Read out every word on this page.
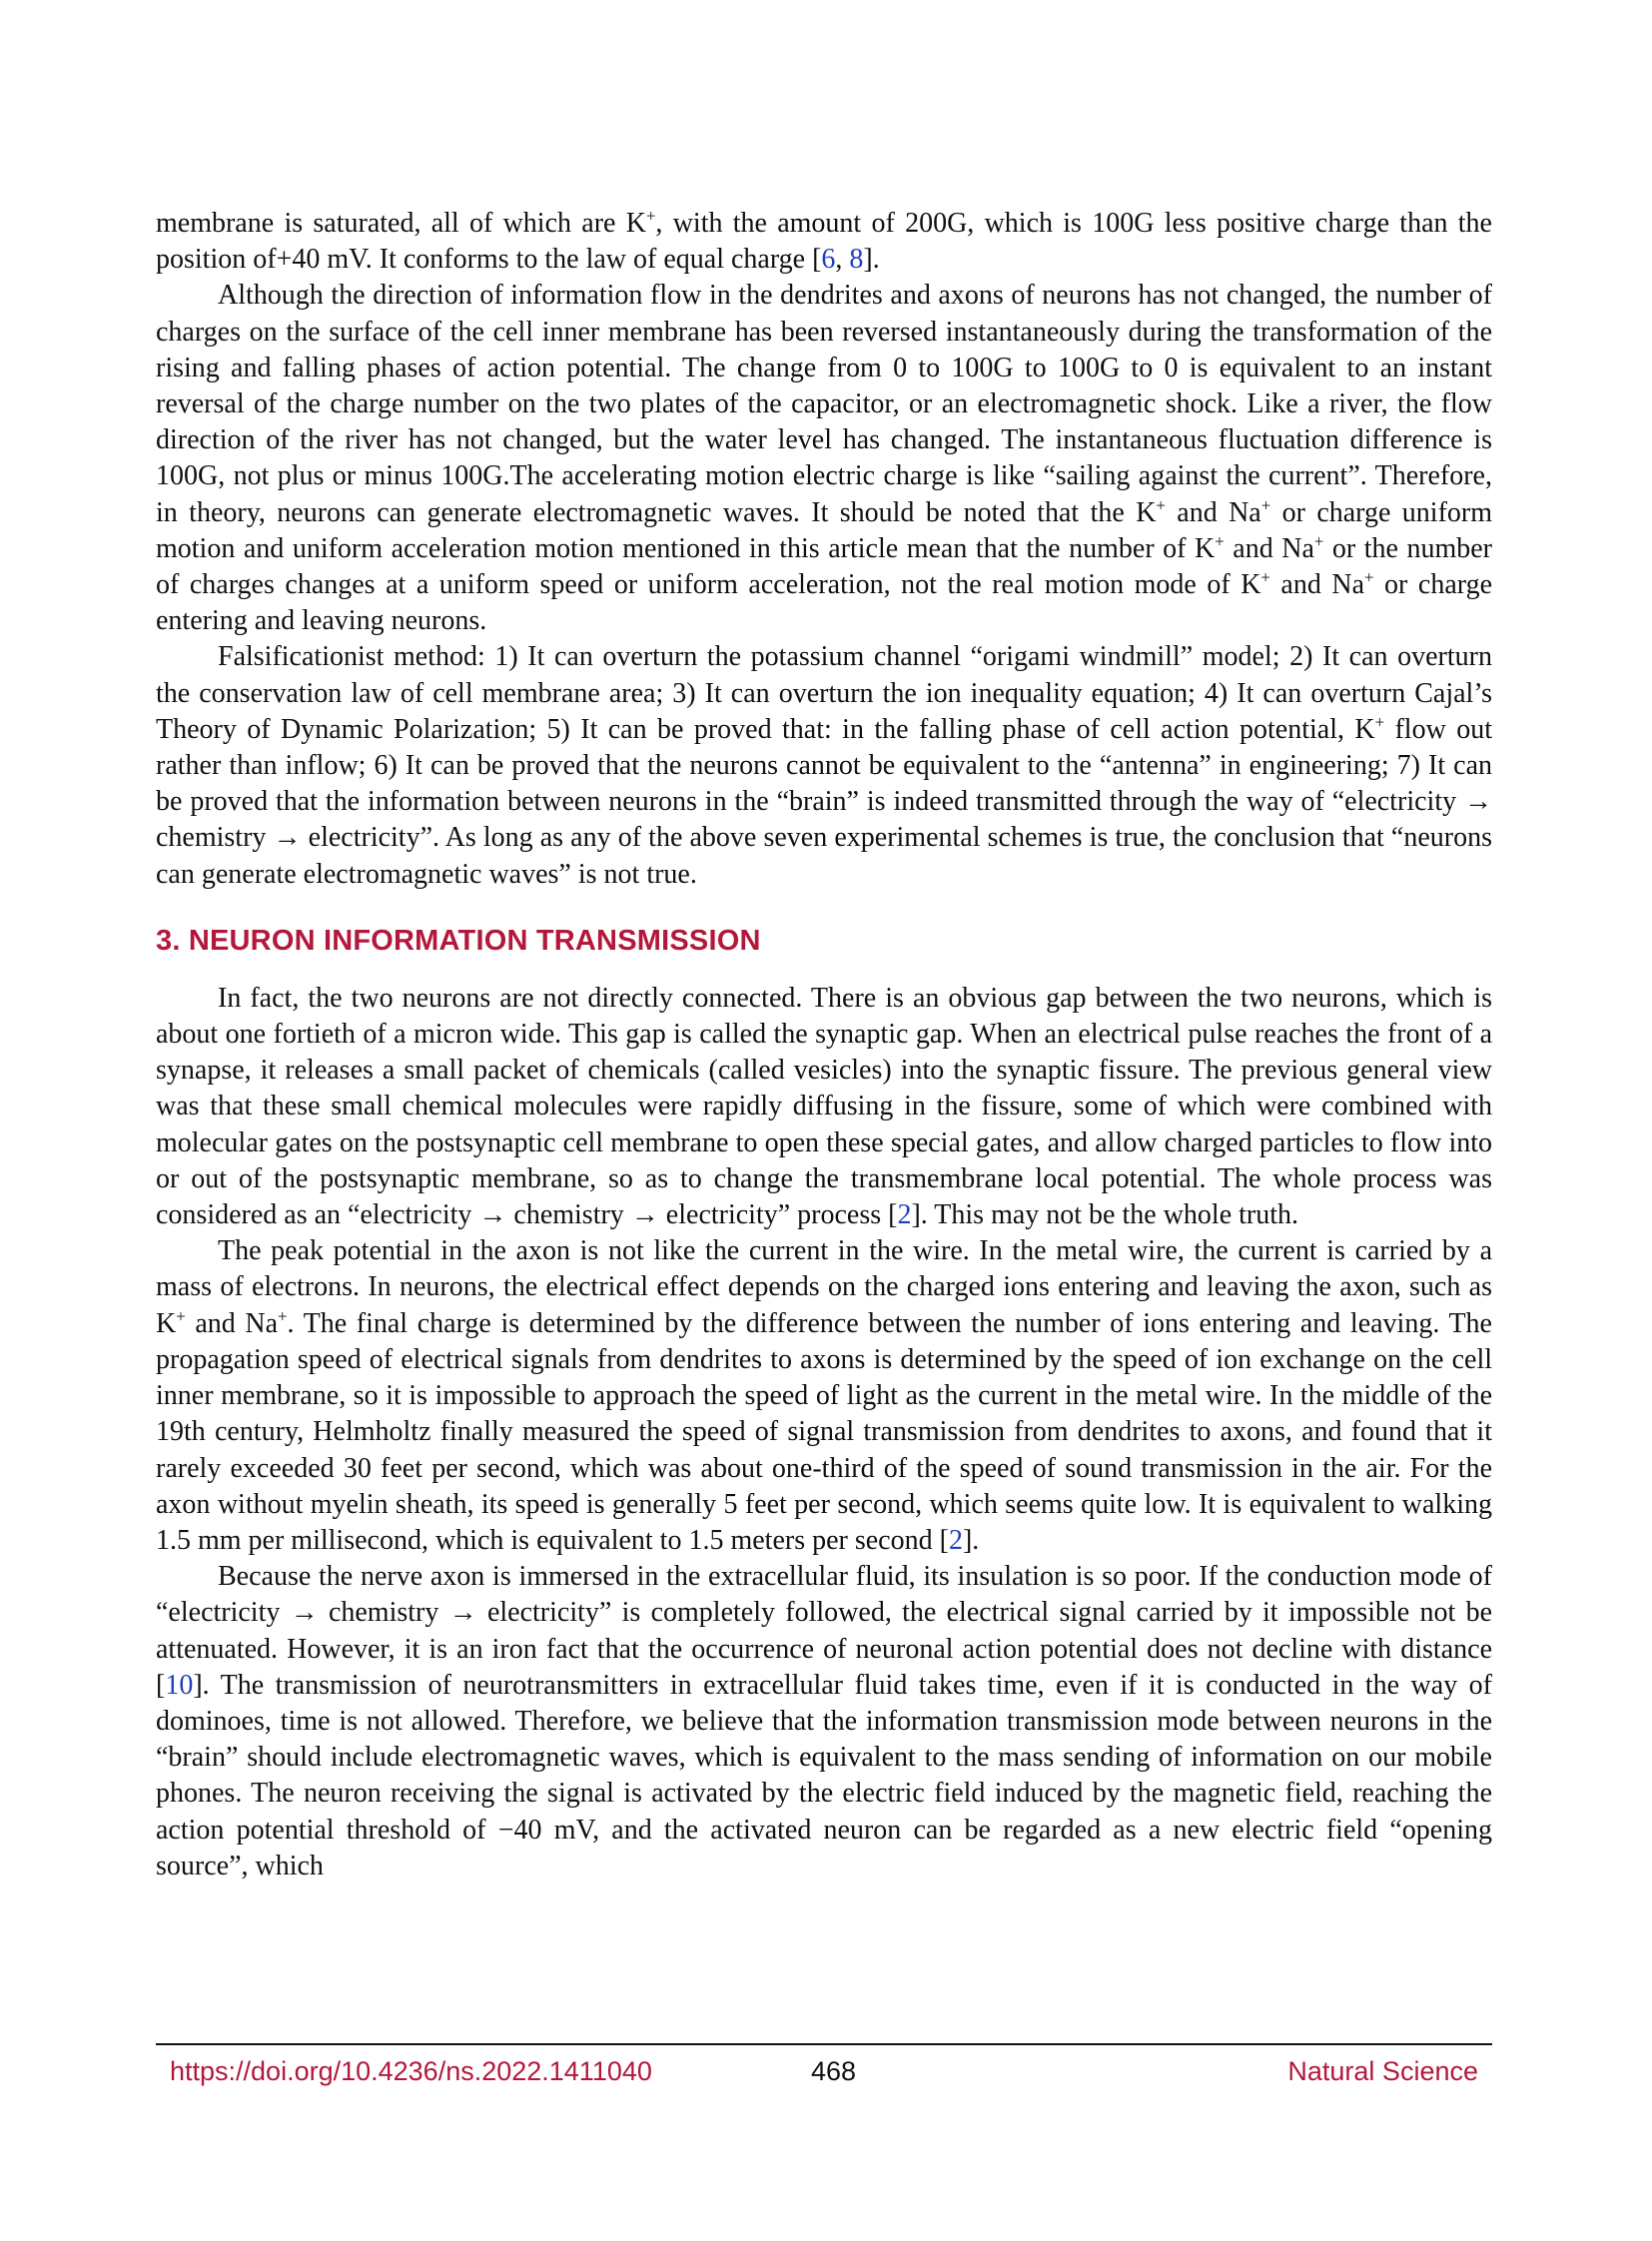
membrane is saturated, all of which are K+, with the amount of 200G, which is 100G less positive charge than the position of+40 mV. It conforms to the law of equal charge [6, 8].

Although the direction of information flow in the dendrites and axons of neurons has not changed, the number of charges on the surface of the cell inner membrane has been reversed instantaneously during the transformation of the rising and falling phases of action potential. The change from 0 to 100G to 100G to 0 is equivalent to an instant reversal of the charge number on the two plates of the capacitor, or an electromagnetic shock. Like a river, the flow direction of the river has not changed, but the water level has changed. The instantaneous fluctuation difference is 100G, not plus or minus 100G.The accelerating motion electric charge is like “sailing against the current”. Therefore, in theory, neurons can generate electromagnetic waves. It should be noted that the K+ and Na+ or charge uniform motion and uniform acceleration motion mentioned in this article mean that the number of K+ and Na+ or the number of charges changes at a uniform speed or uniform acceleration, not the real motion mode of K+ and Na+ or charge entering and leaving neurons.

Falsificationist method: 1) It can overturn the potassium channel “origami windmill” model; 2) It can overturn the conservation law of cell membrane area; 3) It can overturn the ion inequality equation; 4) It can overturn Cajal’s Theory of Dynamic Polarization; 5) It can be proved that: in the falling phase of cell action potential, K+ flow out rather than inflow; 6) It can be proved that the neurons cannot be equivalent to the “antenna” in engineering; 7) It can be proved that the information between neurons in the “brain” is indeed transmitted through the way of “electricity → chemistry → electricity”. As long as any of the above seven experimental schemes is true, the conclusion that “neurons can generate electromagnetic waves” is not true.

3. NEURON INFORMATION TRANSMISSION

In fact, the two neurons are not directly connected. There is an obvious gap between the two neurons, which is about one fortieth of a micron wide. This gap is called the synaptic gap. When an electrical pulse reaches the front of a synapse, it releases a small packet of chemicals (called vesicles) into the synaptic fissure. The previous general view was that these small chemical molecules were rapidly diffusing in the fissure, some of which were combined with molecular gates on the postsynaptic cell membrane to open these special gates, and allow charged particles to flow into or out of the postsynaptic membrane, so as to change the transmembrane local potential. The whole process was considered as an “electricity → chemistry → electricity” process [2]. This may not be the whole truth.

The peak potential in the axon is not like the current in the wire. In the metal wire, the current is carried by a mass of electrons. In neurons, the electrical effect depends on the charged ions entering and leaving the axon, such as K+ and Na+. The final charge is determined by the difference between the number of ions entering and leaving. The propagation speed of electrical signals from dendrites to axons is determined by the speed of ion exchange on the cell inner membrane, so it is impossible to approach the speed of light as the current in the metal wire. In the middle of the 19th century, Helmholtz finally measured the speed of signal transmission from dendrites to axons, and found that it rarely exceeded 30 feet per second, which was about one-third of the speed of sound transmission in the air. For the axon without myelin sheath, its speed is generally 5 feet per second, which seems quite low. It is equivalent to walking 1.5 mm per millisecond, which is equivalent to 1.5 meters per second [2].

Because the nerve axon is immersed in the extracellular fluid, its insulation is so poor. If the conduction mode of “electricity → chemistry → electricity” is completely followed, the electrical signal carried by it impossible not be attenuated. However, it is an iron fact that the occurrence of neuronal action potential does not decline with distance [10]. The transmission of neurotransmitters in extracellular fluid takes time, even if it is conducted in the way of dominoes, time is not allowed. Therefore, we believe that the information transmission mode between neurons in the “brain” should include electromagnetic waves, which is equivalent to the mass sending of information on our mobile phones. The neuron receiving the signal is activated by the electric field induced by the magnetic field, reaching the action potential threshold of −40 mV, and the activated neuron can be regarded as a new electric field “opening source”, which

https://doi.org/10.4236/ns.2022.1411040	468	Natural Science
